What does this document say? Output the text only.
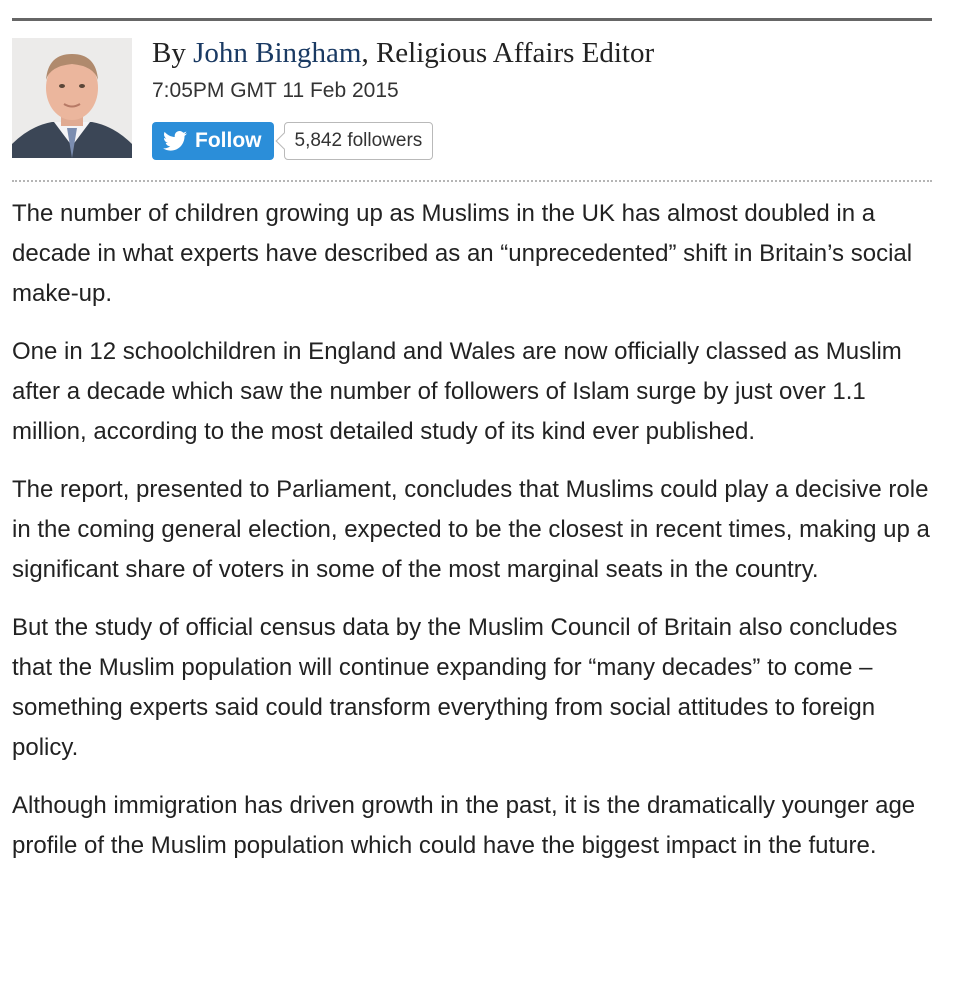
By John Bingham, Religious Affairs Editor
7:05PM GMT 11 Feb 2015
Follow 5,842 followers

The number of children growing up as Muslims in the UK has almost doubled in a decade in what experts have described as an “unprecedented” shift in Britain’s social make-up.

One in 12 schoolchildren in England and Wales are now officially classed as Muslim after a decade which saw the number of followers of Islam surge by just over 1.1 million, according to the most detailed study of its kind ever published.

The report, presented to Parliament, concludes that Muslims could play a decisive role in the coming general election, expected to be the closest in recent times, making up a significant share of voters in some of the most marginal seats in the country.

But the study of official census data by the Muslim Council of Britain also concludes that the Muslim population will continue expanding for “many decades” to come – something experts said could transform everything from social attitudes to foreign policy.

Although immigration has driven growth in the past, it is the dramatically younger age profile of the Muslim population which could have the biggest impact in the future.
